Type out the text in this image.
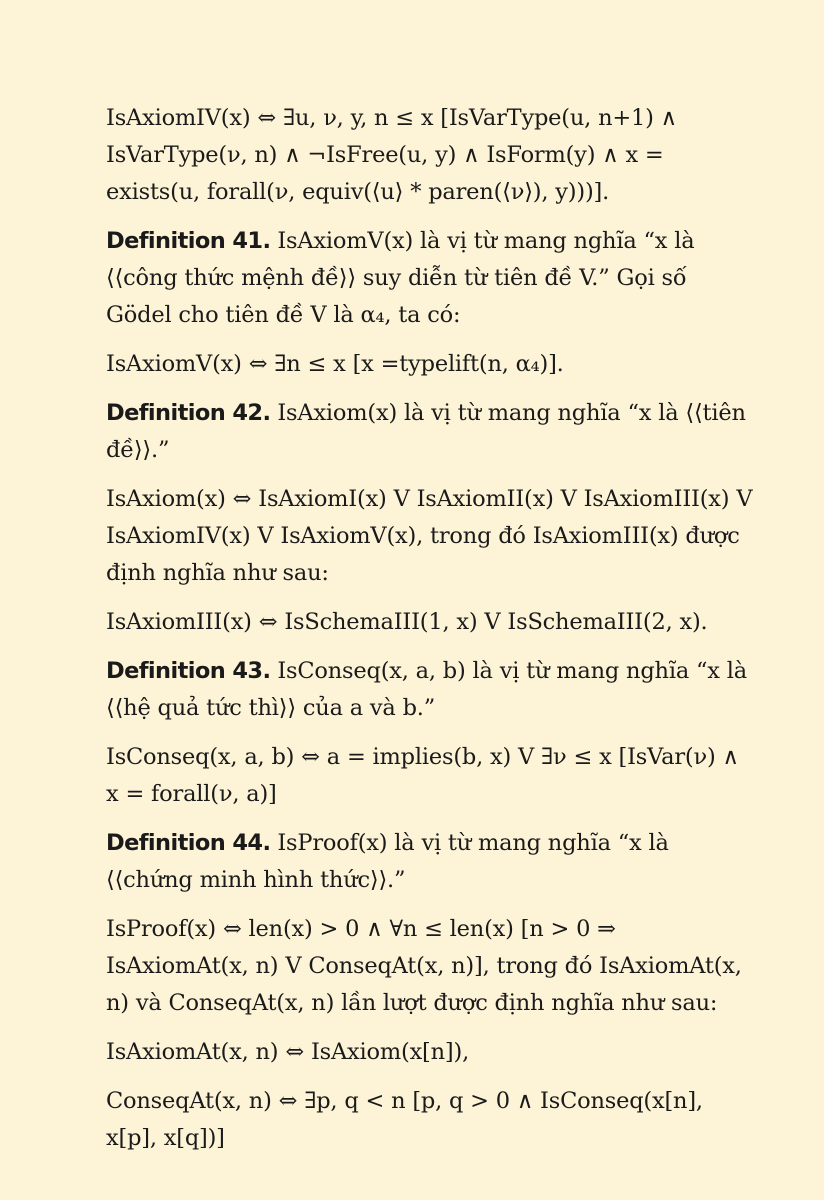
IsAxiomIV(x) ⇔ ∃u, ν, y, n ≤ x [IsVarType(u, n+1) ∧ IsVarType(ν, n) ∧ ¬IsFree(u, y) ∧ IsForm(y) ∧ x = exists(u, forall(ν, equiv(⟨u⟩ * paren(⟨ν⟩), y)))].

Definition 41. IsAxiomV(x) là vị từ mang nghĩa “x là ⟨⟨công thức mệnh đề⟩⟩ suy diễn từ tiên đề V.” Gọi số Gödel cho tiên đề V là α₄, ta có:

IsAxiomV(x) ⇔ ∃n ≤ x [x =typelift(n, α₄)].

Definition 42. IsAxiom(x) là vị từ mang nghĩa “x là ⟨⟨tiên đề⟩⟩.”

IsAxiom(x) ⇔ IsAxiomI(x) V IsAxiomII(x) V IsAxiomIII(x) V IsAxiomIV(x) V IsAxiomV(x), trong đó IsAxiomIII(x) được định nghĩa như sau:

IsAxiomIII(x) ⇔ IsSchemaIII(1, x) V IsSchemaIII(2, x).

Definition 43. IsConseq(x, a, b) là vị từ mang nghĩa “x là ⟨⟨hệ quả tức thì⟩⟩ của a và b.”

IsConseq(x, a, b) ⇔ a = implies(b, x) V ∃ν ≤ x [IsVar(ν) ∧ x = forall(ν, a)]

Definition 44. IsProof(x) là vị từ mang nghĩa “x là ⟨⟨chứng minh hình thức⟩⟩.”

IsProof(x) ⇔ len(x) > 0 ∧ ∀n ≤ len(x) [n > 0 ⇒ IsAxiomAt(x, n) V ConseqAt(x, n)], trong đó IsAxiomAt(x, n) và ConseqAt(x, n) lần lượt được định nghĩa như sau:

IsAxiomAt(x, n) ⇔ IsAxiom(x[n]),

ConseqAt(x, n) ⇔ ∃p, q < n [p, q > 0 ∧ IsConseq(x[n], x[p], x[q])]
